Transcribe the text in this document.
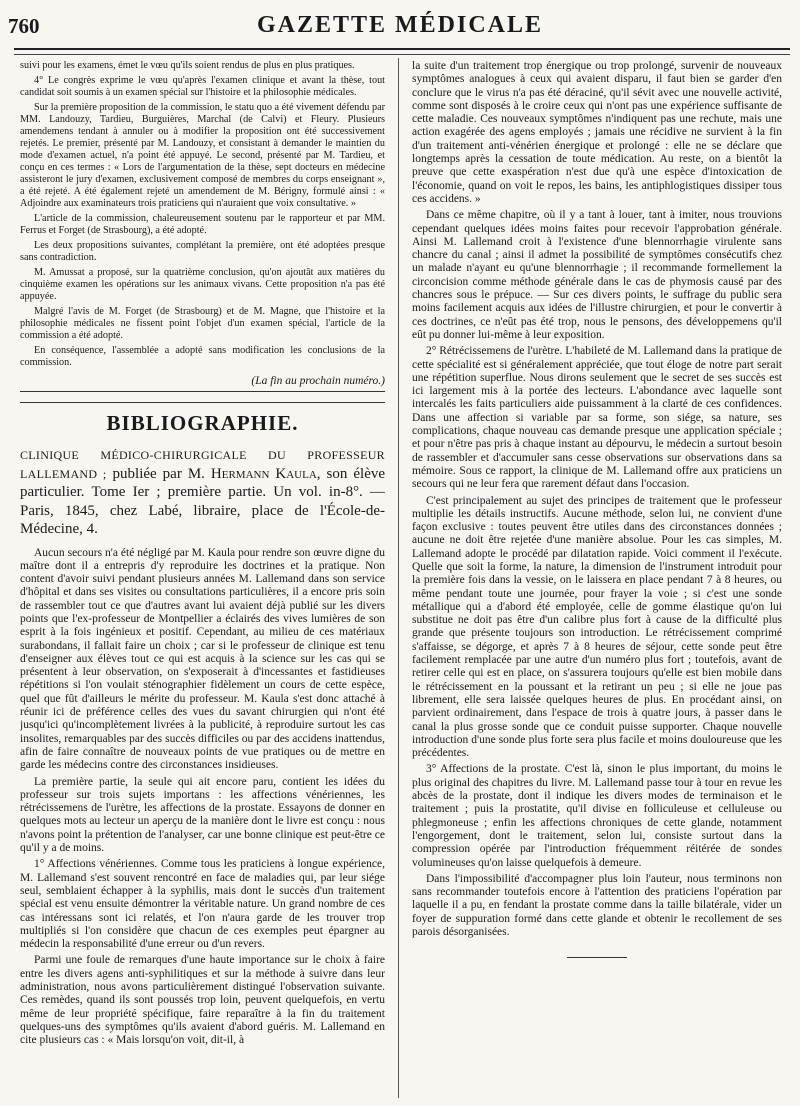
760	GAZETTE MÉDICALE

suivi pour les examens, émet le vœu qu'ils soient rendus de plus en plus pratiques.

4° Le congrès exprime le vœu qu'après l'examen clinique et avant la thèse, tout candidat soit soumis à un examen spécial sur l'histoire et la philosophie médicales.

Sur la première proposition de la commission, le statu quo a été vivement défendu par MM. Landouzy, Tardieu, Burguières, Marchal (de Calvi) et Fleury. Plusieurs amendemens tendant à annuler ou à modifier la proposition ont été successivement rejetés. Le premier, présenté par M. Landouzy, et consistant à demander le maintien du mode d'examen actuel, n'a point été appuyé. Le second, présenté par M. Tardieu, et conçu en ces termes : « Lors de l'argumentation de la thèse, sept docteurs en médecine assisteront le jury d'examen, exclusivement composé de membres du corps enseignant », a été rejeté. A été également rejeté un amendement de M. Bérigny, formulé ainsi : « Adjoindre aux examinateurs trois praticiens qui n'auraient que voix consultative. »

L'article de la commission, chaleureusement soutenu par le rapporteur et par MM. Ferrus et Forget (de Strasbourg), a été adopté.

Les deux propositions suivantes, complétant la première, ont été adoptées presque sans contradiction.

M. Amussat a proposé, sur la quatrième conclusion, qu'on ajoutât aux matières du cinquième examen les opérations sur les animaux vivans. Cette proposition n'a pas été appuyée.

Malgré l'avis de M. Forget (de Strasbourg) et de M. Magne, que l'histoire et la philosophie médicales ne fissent point l'objet d'un examen spécial, l'article de la commission a été adopté.

En conséquence, l'assemblée a adopté sans modification les conclusions de la commission.

(La fin au prochain numéro.)
BIBLIOGRAPHIE.
CLINIQUE MÉDICO-CHIRURGICALE DU PROFESSEUR LALLEMAND ; publiée par M. Hermann Kaula, son élève particulier. Tome Ier ; première partie. Un vol. in-8°. — Paris, 1845, chez Labé, libraire, place de l'École-de-Médecine, 4.

Aucun secours n'a été négligé par M. Kaula pour rendre son œuvre digne du maître dont il a entrepris d'y reproduire les doctrines et la pratique. Non content d'avoir suivi pendant plusieurs années M. Lallemand dans son service d'hôpital et dans ses visites ou consultations particulières, il a encore pris soin de rassembler tout ce que d'autres avant lui avaient déjà publié sur les divers points que l'ex-professeur de Montpellier a éclairés des vives lumières de son esprit à la fois ingénieux et positif. Cependant, au milieu de ces matériaux surabondans, il fallait faire un choix ; car si le professeur de clinique est tenu d'enseigner aux élèves tout ce qui est acquis à la science sur les cas qui se présentent à leur observation, on s'exposerait à d'incessantes et fastidieuses répétitions si l'on voulait sténographier fidèlement un cours de cette espèce, quel que fût d'ailleurs le mérite du professeur. M. Kaula s'est donc attaché à réunir ici de préférence celles des vues du savant chirurgien qui n'ont été jusqu'ici qu'incomplètement livrées à la publicité, à reproduire surtout les cas insolites, remarquables par des succès difficiles ou par des accidens inattendus, afin de faire connaître de nouveaux points de vue pratiques ou de mettre en garde les médecins contre des circonstances insidieuses.

La première partie, la seule qui ait encore paru, contient les idées du professeur sur trois sujets importans : les affections vénériennes, les rétrécissemens de l'urètre, les affections de la prostate. Essayons de donner en quelques mots au lecteur un aperçu de la manière dont le livre est conçu : nous n'avons point la prétention de l'analyser, car une bonne clinique est peut-être ce qu'il y a de moins.

1° Affections vénériennes. Comme tous les praticiens à longue expérience, M. Lallemand s'est souvent rencontré en face de maladies qui, par leur siége seul, semblaient échapper à la syphilis, mais dont le succès d'un traitement spécial est venu ensuite démontrer la véritable nature. Un grand nombre de ces cas intéressans sont ici relatés, et l'on n'aura garde de les trouver trop multipliés si l'on considère que chacun de ces exemples peut épargner au médecin la responsabilité d'une erreur ou d'un revers.

Parmi une foule de remarques d'une haute importance sur le choix à faire entre les divers agens anti-syphilitiques et sur la méthode à suivre dans leur administration, nous avons particulièrement distingué l'observation suivante. Ces remèdes, quand ils sont poussés trop loin, peuvent quelquefois, en vertu même de leur propriété spécifique, faire reparaître à la fin du traitement quelques-uns des symptômes qu'ils avaient d'abord guéris. M. Lallemand en cite plusieurs cas : « Mais lorsqu'on voit, dit-il, à

la suite d'un traitement trop énergique ou trop prolongé, survenir de nouveaux symptômes analogues à ceux qui avaient disparu, il faut bien se garder d'en conclure que le virus n'a pas été déraciné, qu'il sévit avec une nouvelle activité, comme sont disposés à le croire ceux qui n'ont pas une expérience suffisante de cette maladie. Ces nouveaux symptômes n'indiquent pas une rechute, mais une action exagérée des agens employés ; jamais une récidive ne survient à la fin d'un traitement anti-vénérien énergique et prolongé : elle ne se déclare que longtemps après la cessation de toute médication. Au reste, on a bientôt la preuve que cette exaspération n'est due qu'à une espèce d'intoxication de l'économie, quand on voit le repos, les bains, les antiphlogistiques dissiper tous ces accidens. »

Dans ce même chapitre, où il y a tant à louer, tant à imiter, nous trouvions cependant quelques idées moins faites pour recevoir l'approbation générale. Ainsi M. Lallemand croit à l'existence d'une blennorrhagie virulente sans chancre du canal ; ainsi il admet la possibilité de symptômes consécutifs chez un malade n'ayant eu qu'une blennorrhagie ; il recommande formellement la circoncision comme méthode générale dans le cas de phymosis causé par des chancres sous le prépuce. — Sur ces divers points, le suffrage du public sera moins facilement acquis aux idées de l'illustre chirurgien, et pour le convertir à ces doctrines, ce n'eût pas été trop, nous le pensons, des développemens qu'il eût pu donner lui-même à leur exposition.

2° Rétrécissemens de l'urètre. L'habileté de M. Lallemand dans la pratique de cette spécialité est si généralement appréciée, que tout éloge de notre part serait une répétition superflue. Nous dirons seulement que le secret de ses succès est ici largement mis à la portée des lecteurs. L'abondance avec laquelle sont intercalés les faits particuliers aide puissamment à la clarté de ces confidences. Dans une affection si variable par sa forme, son siége, sa nature, ses complications, chaque nouveau cas demande presque une application spéciale ; et pour n'être pas pris à chaque instant au dépourvu, le médecin a surtout besoin de rassembler et d'accumuler sans cesse observations sur observations dans sa mémoire. Sous ce rapport, la clinique de M. Lallemand offre aux praticiens un secours qui ne leur fera que rarement défaut dans l'occasion.

C'est principalement au sujet des principes de traitement que le professeur multiplie les détails instructifs. Aucune méthode, selon lui, ne convient d'une façon exclusive : toutes peuvent être utiles dans des circonstances données ; aucune ne doit être rejetée d'une manière absolue. Pour les cas simples, M. Lallemand adopte le procédé par dilatation rapide. Voici comment il l'exécute. Quelle que soit la forme, la nature, la dimension de l'instrument introduit pour la première fois dans la vessie, on le laissera en place pendant 7 à 8 heures, ou même pendant toute une journée, pour frayer la voie ; si c'est une sonde métallique qui a d'abord été employée, celle de gomme élastique qu'on lui substitue ne doit pas être d'un calibre plus fort à cause de la difficulté plus grande que présente toujours son introduction. Le rétrécissement comprimé s'affaisse, se dégorge, et après 7 à 8 heures de séjour, cette sonde peut être facilement remplacée par une autre d'un numéro plus fort ; toutefois, avant de retirer celle qui est en place, on s'assurera toujours qu'elle est bien mobile dans le rétrécissement en la poussant et la retirant un peu ; si elle ne joue pas librement, elle sera laissée quelques heures de plus. En procédant ainsi, on parvient ordinairement, dans l'espace de trois à quatre jours, à passer dans le canal la plus grosse sonde que ce conduit puisse supporter. Chaque nouvelle introduction d'une sonde plus forte sera plus facile et moins douloureuse que les précédentes.

3° Affections de la prostate. C'est là, sinon le plus important, du moins le plus original des chapitres du livre. M. Lallemand passe tour à tour en revue les abcès de la prostate, dont il indique les divers modes de terminaison et le traitement ; puis la prostatite, qu'il divise en folliculeuse et celluleuse ou phlegmoneuse ; enfin les affections chroniques de cette glande, notamment l'engorgement, dont le traitement, selon lui, consiste surtout dans la compression opérée par l'introduction fréquemment réitérée de sondes volumineuses qu'on laisse quelquefois à demeure.

Dans l'impossibilité d'accompagner plus loin l'auteur, nous terminons non sans recommander toutefois encore à l'attention des praticiens l'opération par laquelle il a pu, en fendant la prostate comme dans la taille bilatérale, vider un foyer de suppuration formé dans cette glande et obtenir le recollement de ses parois désorganisées.
